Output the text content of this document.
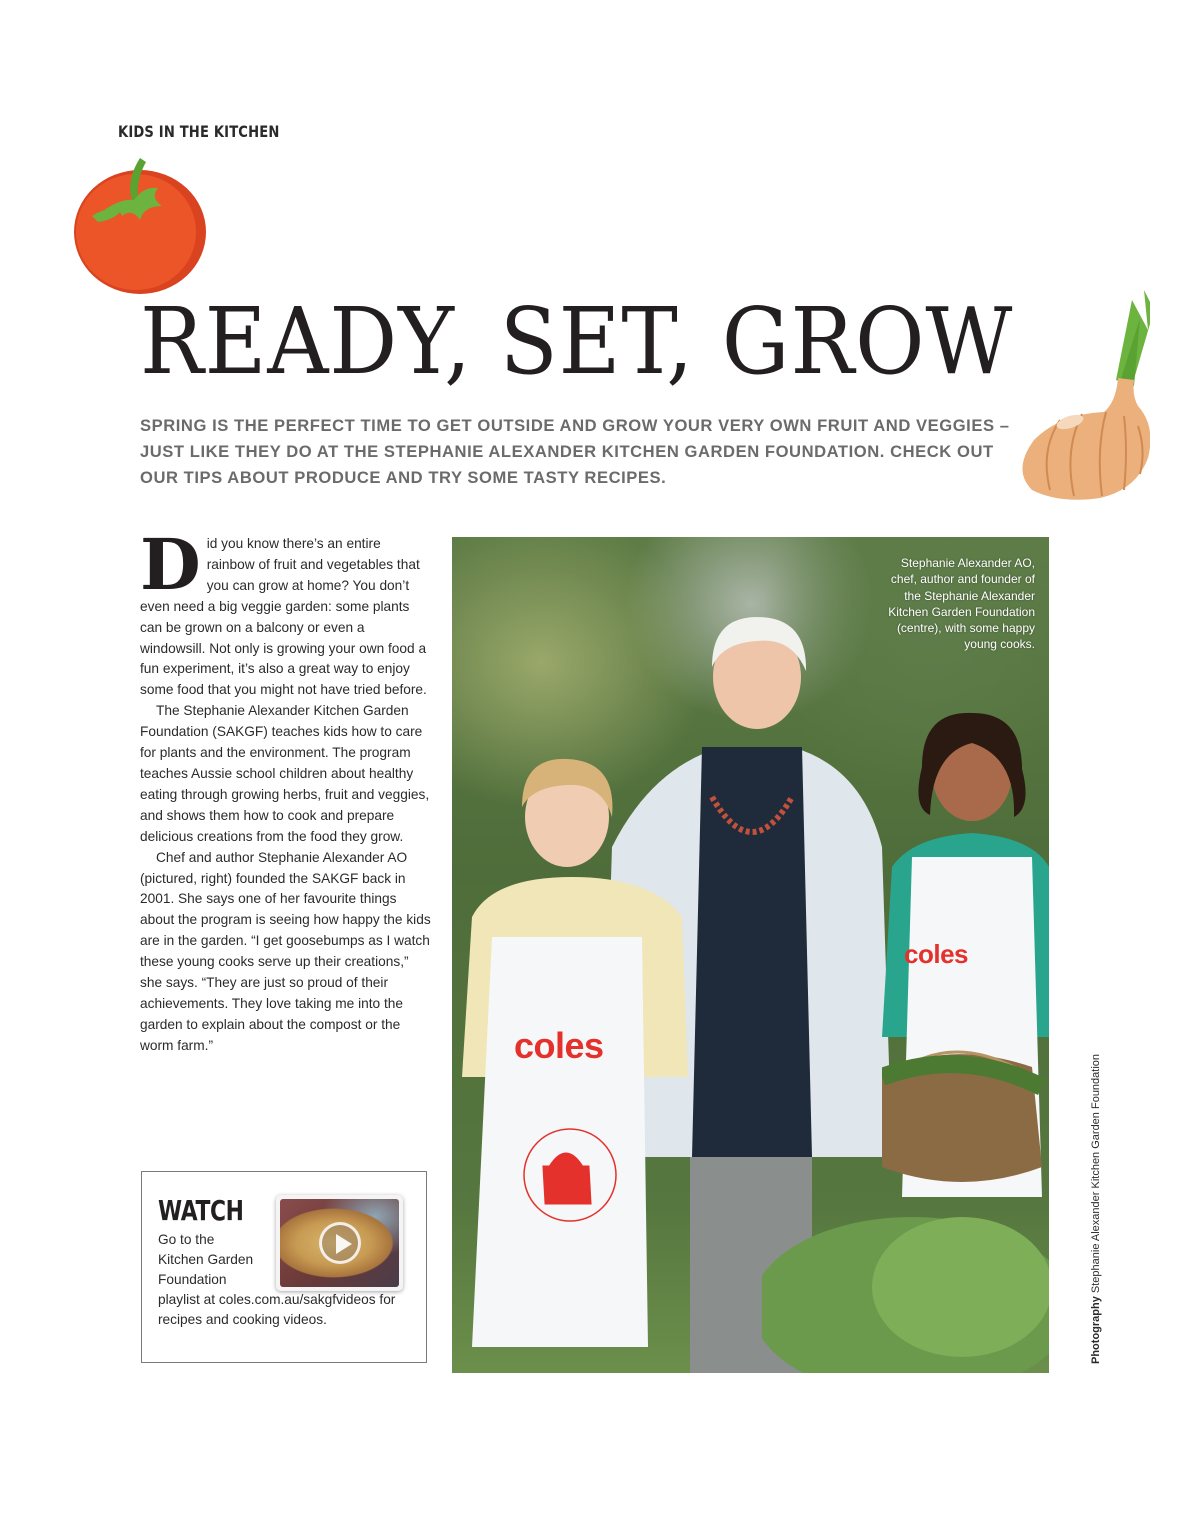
KIDS IN THE KITCHEN
READY, SET, GROW
SPRING IS THE PERFECT TIME TO GET OUTSIDE AND GROW YOUR VERY OWN FRUIT AND VEGGIES – JUST LIKE THEY DO AT THE STEPHANIE ALEXANDER KITCHEN GARDEN FOUNDATION. CHECK OUT OUR TIPS ABOUT PRODUCE AND TRY SOME TASTY RECIPES.

Did you know there’s an entire rainbow of fruit and vegetables that you can grow at home? You don’t even need a big veggie garden: some plants can be grown on a balcony or even a windowsill. Not only is growing your own food a fun experiment, it’s also a great way to enjoy some food that you might not have tried before.

The Stephanie Alexander Kitchen Garden Foundation (SAKGF) teaches kids how to care for plants and the environment. The program teaches Aussie school children about healthy eating through growing herbs, fruit and veggies, and shows them how to cook and prepare delicious creations from the food they grow.

Chef and author Stephanie Alexander AO (pictured, right) founded the SAKGF back in 2001. She says one of her favourite things about the program is seeing how happy the kids are in the garden. “I get goosebumps as I watch these young cooks serve up their creations,” she says. “They are just so proud of their achievements. They love taking me into the garden to explain about the compost or the worm farm.”

WATCH
Go to the Kitchen Garden Foundation
playlist at coles.com.au/sakgfvideos for recipes and cooking videos.
coles
coles
Stephanie Alexander AO, chef, author and founder of the Stephanie Alexander Kitchen Garden Foundation (centre), with some happy young cooks.
Photography Stephanie Alexander Kitchen Garden Foundation
